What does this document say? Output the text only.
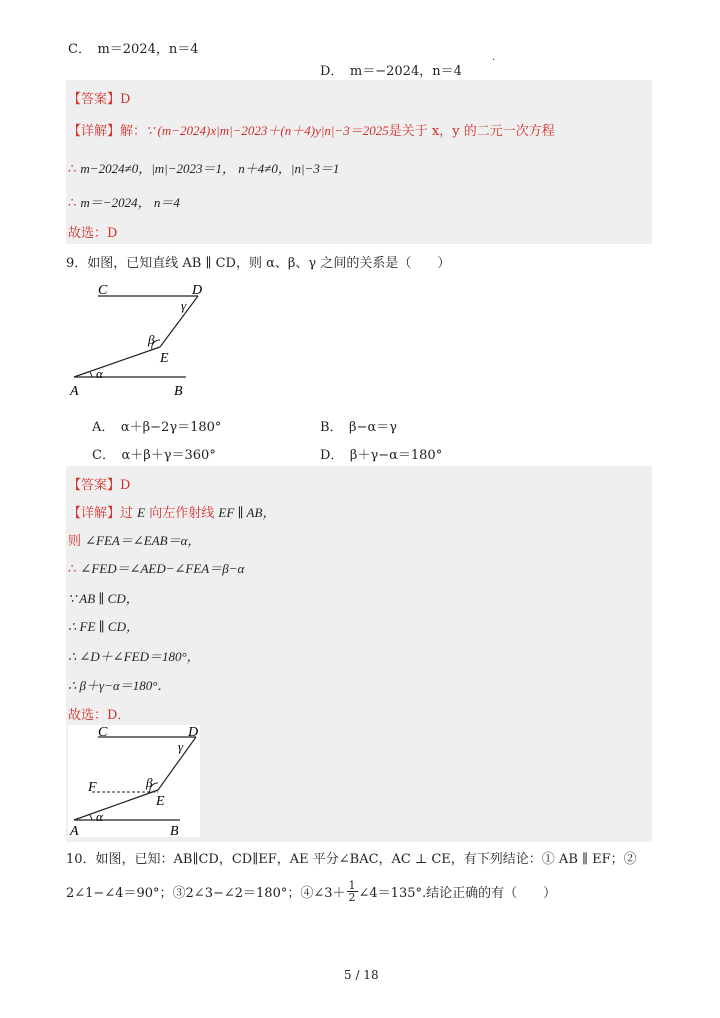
C．　m＝2024，n＝4
D．　m＝−2024，n＝4
.
【答案】D
【详解】解：∵ (m−2024)x|m|−2023＋(n＋4)y|n|−3＝2025是关于 x，y 的二元一次方程
∴ m−2024≠0，|m|−2023＝1， n＋4≠0，|n|−3＝1
∴ m＝−2024， n＝4
故选：D
9．如图，已知直线 AB ∥ CD，则 α、β、γ 之间的关系是（　　）
C	D
γ
β
E
α
A	B
A．　α＋β−2γ＝180°	B．　β−α＝γ
C．　α＋β＋γ＝360°	D．　β＋γ−α＝180°
【答案】D
【详解】过 E 向左作射线 EF ∥ AB，
则 ∠FEA＝∠EAB＝α，
∴ ∠FED＝∠AED−∠FEA＝β−α
∵ AB ∥ CD，
∴ FE ∥ CD，
∴ ∠D＋∠FED＝180°，
∴ β＋γ−α＝180°．
故选：D．
C	D
γ
β
F
E
α
A	B
10．如图，已知：AB∥CD，CD∥EF，AE 平分∠BAC，AC ⊥ CE，有下列结论：① AB ∥ EF；②
2∠1−∠4＝90°；③2∠3−∠2＝180°；④∠3＋ $\frac{1}{2}$ ∠4＝135°.结论正确的有（　　）
5 / 18
